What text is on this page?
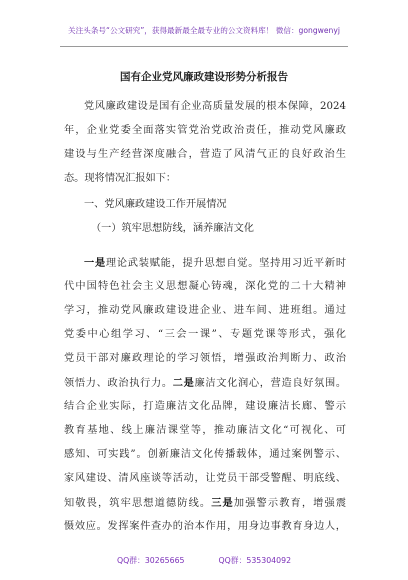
关注头条号“公文研究”，获得最新最全最专业的公文资料库！ 微信：gongwenyj
国有企业党风廉政建设形势分析报告
党风廉政建设是国有企业高质量发展的根本保障，2024
年，企业党委全面落实管党治党政治责任，推动党风廉政
建设与生产经营深度融合，营造了风清气正的良好政治生
态。现将情况汇报如下：
一、党风廉政建设工作开展情况
（一）筑牢思想防线，涵养廉洁文化
一是理论武装赋能，提升思想自觉。坚持用习近平新时
代中国特色社会主义思想凝心铸魂，深化党的二十大精神
学习，推动党风廉政建设进企业、进车间、进班组。通过
党委中心组学习、“三会一课”、专题党课等形式，强化
党员干部对廉政理论的学习领悟，增强政治判断力、政治
领悟力、政治执行力。二是廉洁文化润心，营造良好氛围。
结合企业实际，打造廉洁文化品牌，建设廉洁长廊、警示
教育基地、线上廉洁课堂等，推动廉洁文化“可视化、可
感知、可实践”。创新廉洁文化传播载体，通过案例警示、
家风建设、清风座谈等活动，让党员干部受警醒、明底线、
知敬畏，筑牢思想道德防线。三是加强警示教育，增强震
慑效应。发挥案件查办的治本作用，用身边事教育身边人，
QQ群：30265665	QQ群：535304092
